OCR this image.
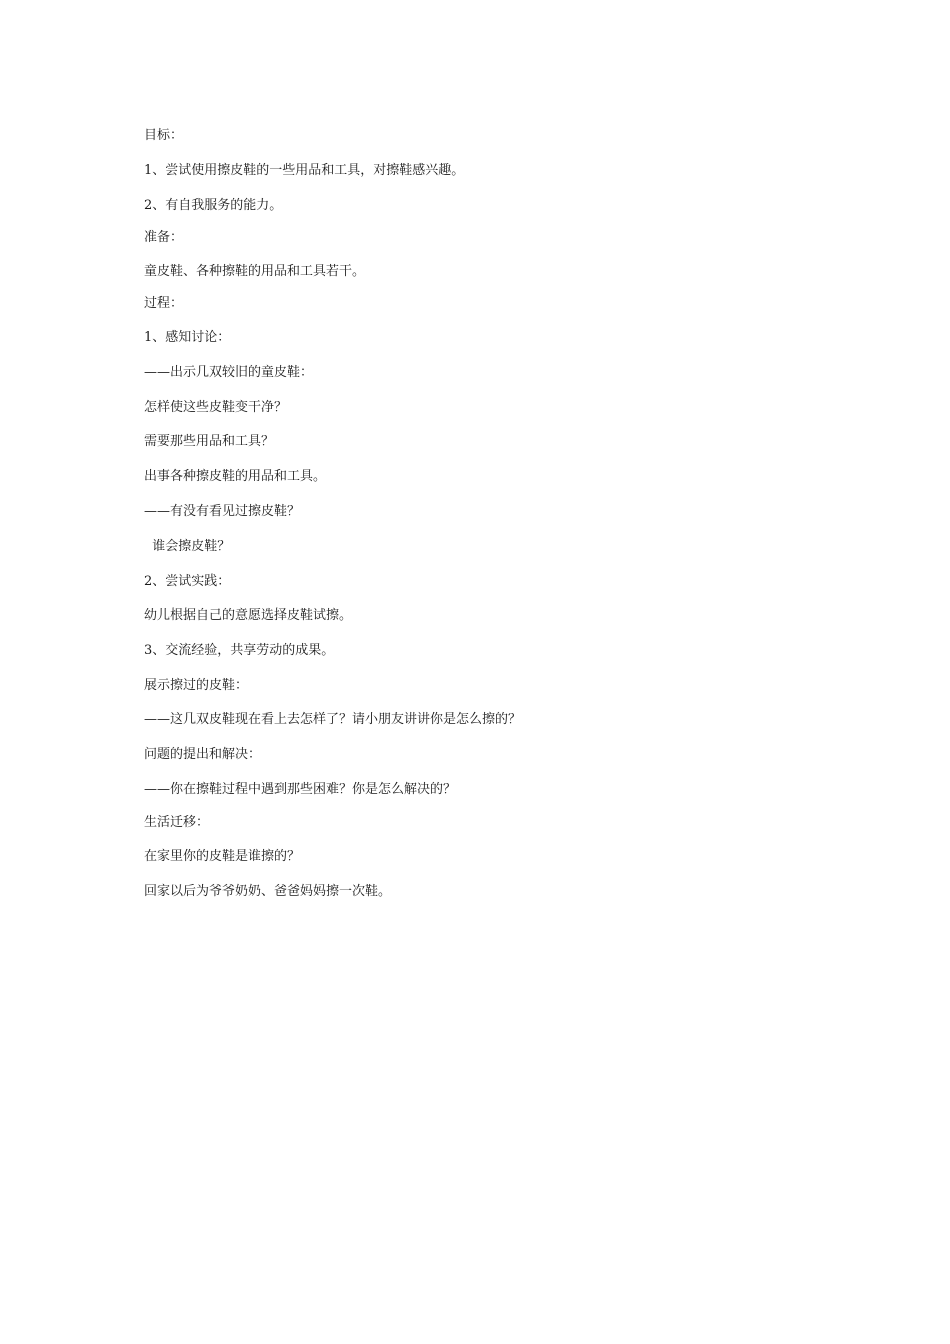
目标：
1、尝试使用擦皮鞋的一些用品和工具，对擦鞋感兴趣。
2、有自我服务的能力。
准备：
童皮鞋、各种擦鞋的用品和工具若干。
过程：
1、感知讨论：
——出示几双较旧的童皮鞋：
怎样使这些皮鞋变干净？
需要那些用品和工具？
出事各种擦皮鞋的用品和工具。
——有没有看见过擦皮鞋？
谁会擦皮鞋？
2、尝试实践：
幼儿根据自己的意愿选择皮鞋试擦。
3、交流经验，共享劳动的成果。
展示擦过的皮鞋：
——这几双皮鞋现在看上去怎样了？请小朋友讲讲你是怎么擦的？
问题的提出和解决：
——你在擦鞋过程中遇到那些困难？你是怎么解决的？
生活迁移：
在家里你的皮鞋是谁擦的？
回家以后为爷爷奶奶、爸爸妈妈擦一次鞋。
